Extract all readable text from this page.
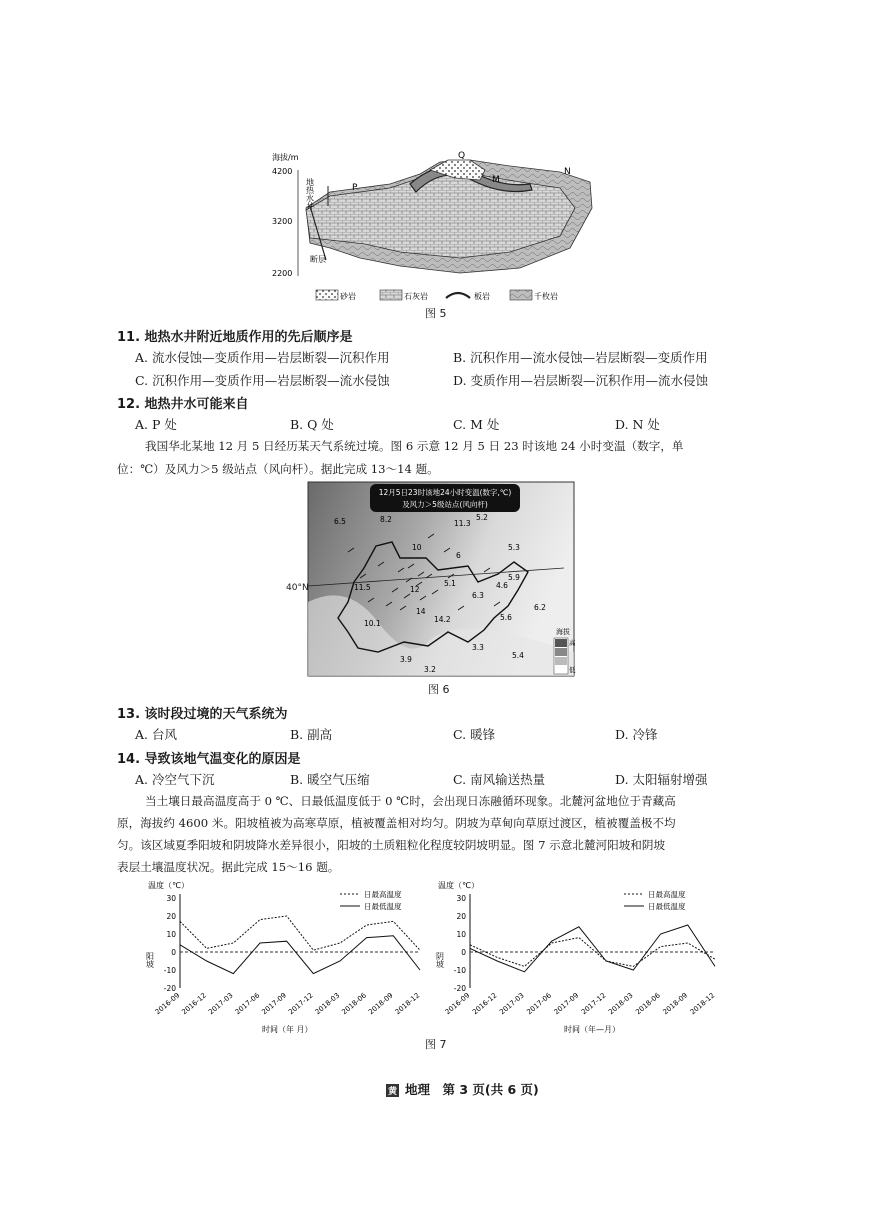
海拔/m
4200
3200
2200
地热水井
断层
P
Q
M
N
砂岩	石灰岩	板岩	千枚岩
图 5
11. 地热水井附近地质作用的先后顺序是
A. 流水侵蚀—变质作用—岩层断裂—沉积作用	B. 沉积作用—流水侵蚀—岩层断裂—变质作用
C. 沉积作用—变质作用—岩层断裂—流水侵蚀	D. 变质作用—岩层断裂—沉积作用—流水侵蚀
12. 地热井水可能来自
A. P 处	B. Q 处	C. M 处	D. N 处
我国华北某地 12 月 5 日经历某天气系统过境。图 6 示意 12 月 5 日 23 时该地 24 小时变温（数字，单
位：℃）及风力＞5 级站点（风向杆）。据此完成 13～14 题。
12月5日23时该地24小时变温(数字,℃)
及风力＞5级站点(风向杆)
8.2	11.3
5.2
6.5
10	5.3
6
5.9
11.5	12
5.1	4.6
6.3
6.2
10.1
14
14.2	5.6
3.3
5.4
3.9
3.2
海拔
高
低
40°N
图 6
13. 该时段过境的天气系统为
A. 台风	B. 副高	C. 暖锋	D. 冷锋
14. 导致该地气温变化的原因是
A. 冷空气下沉	B. 暖空气压缩	C. 南风输送热量	D. 太阳辐射增强
当土壤日最高温度高于 0 ℃、日最低温度低于 0 ℃时，会出现日冻融循环现象。北麓河盆地位于青藏高
原，海拔约 4600 米。阳坡植被为高寒草原，植被覆盖相对均匀。阴坡为草甸向草原过渡区，植被覆盖极不均
匀。该区域夏季阳坡和阴坡降水差异很小，阳坡的土质粗粒化程度较阴坡明显。图 7 示意北麓河阳坡和阴坡
表层土壤温度状况。据此完成 15～16 题。
温度（℃）
阳坡
时间（年 月）
日最高温度
日最低温度
30
20
10
0
-10
-20
2016-09 2016-12 2017-03 2017-06 2017-09 2017-12 2018-03 2018-06 2018-09 2018-12
温度（℃）
阴坡
时间（年—月）
日最高温度
日最低温度
30
20
10
0
-10
-20
2016-09 2016-12 2017-03 2017-06 2017-09 2017-12 2018-03 2018-06 2018-09 2018-12
图 7
黄 地理　第 3 页(共 6 页)
